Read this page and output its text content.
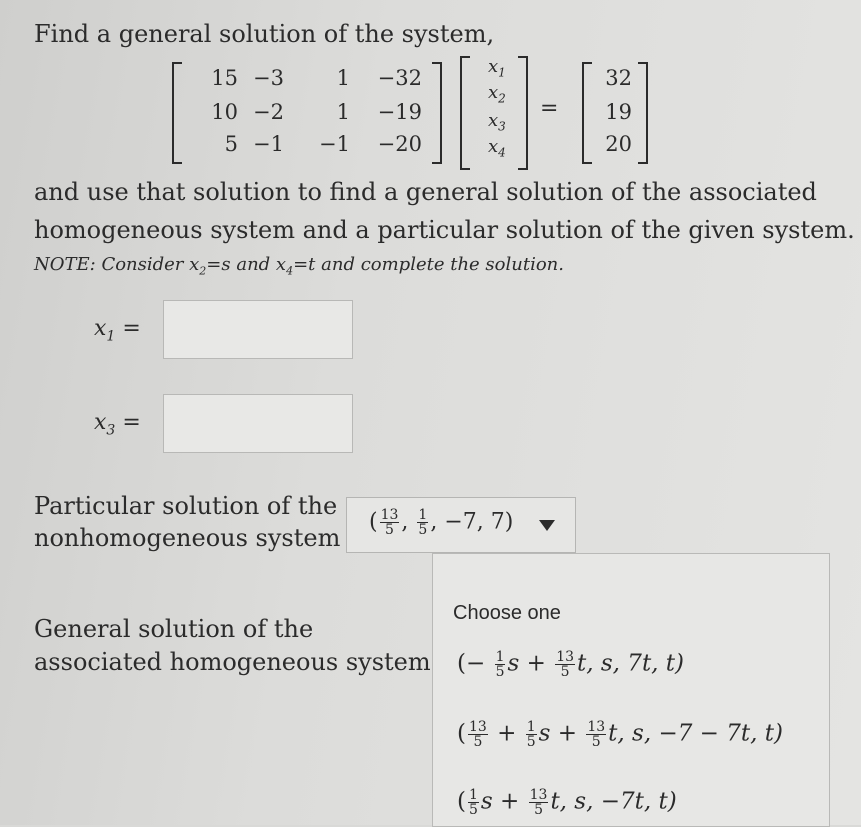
Find a general solution of the system,
15 −3	1 −32
10 −2	1 −19
5 −1	−1 −20
$x_1$
$x_2$
$x_3$
$x_4$
=
32
19
20
and use that solution to find a general solution of the associated
homogeneous system and a particular solution of the given system.
NOTE: Consider $x_2=s$ and $x_4=t$ and complete the solution.
$x_1$ =
$x_3$ =
Particular solution of the
nonhomogeneous system
( $\frac{13}{5}$ , $\frac{1}{5}$ , −7, 7)
General solution of the
associated homogeneous system
Choose one
(− $\frac{1}{5}$ $s + \frac{13}{5} t$, s, 7t, t)
( $\frac{13}{5} + \frac{1}{5}$ $s + \frac{13}{5} t$, s, −7 − 7t, t)
( $\frac{1}{5}$ $s + \frac{13}{5} t$, s, −7t, t)
